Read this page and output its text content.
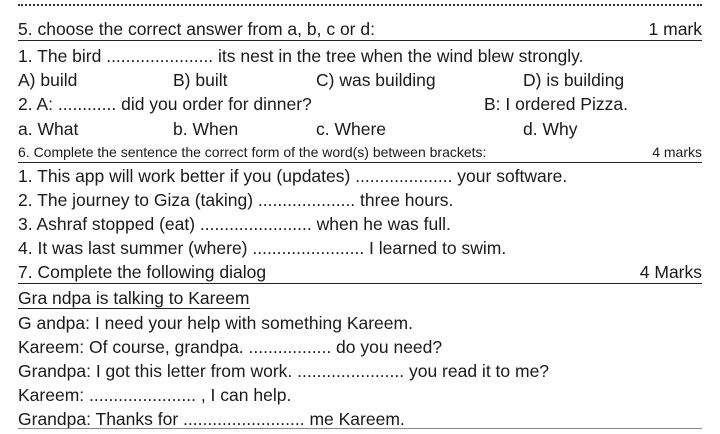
5. choose the correct answer from a, b, c or d:	1 mark
1. The bird ...................... its nest in the tree when the wind blew strongly.
A) build	B) built	C) was building	D) is building
2. A: ............ did you order for dinner?	B: I ordered Pizza.
a. What	b. When	c. Where	d. Why
6. Complete the sentence the correct form of the word(s) between brackets:	4 marks
1. This app will work better if you (updates) .................... your software.
2. The journey to Giza (taking) .................... three hours.
3. Ashraf stopped (eat) ....................... when he was full.
4. It was last summer (where) ....................... I learned to swim.
7. Complete the following dialog	4 Marks
Gra ndpa is talking to Kareem
G andpa: I need your help with something Kareem.
Kareem: Of course, grandpa. ................. do you need?
Grandpa: I got this letter from work. ...................... you read it to me?
Kareem: ...................... , I can help.
Grandpa: Thanks for ......................... me Kareem.
